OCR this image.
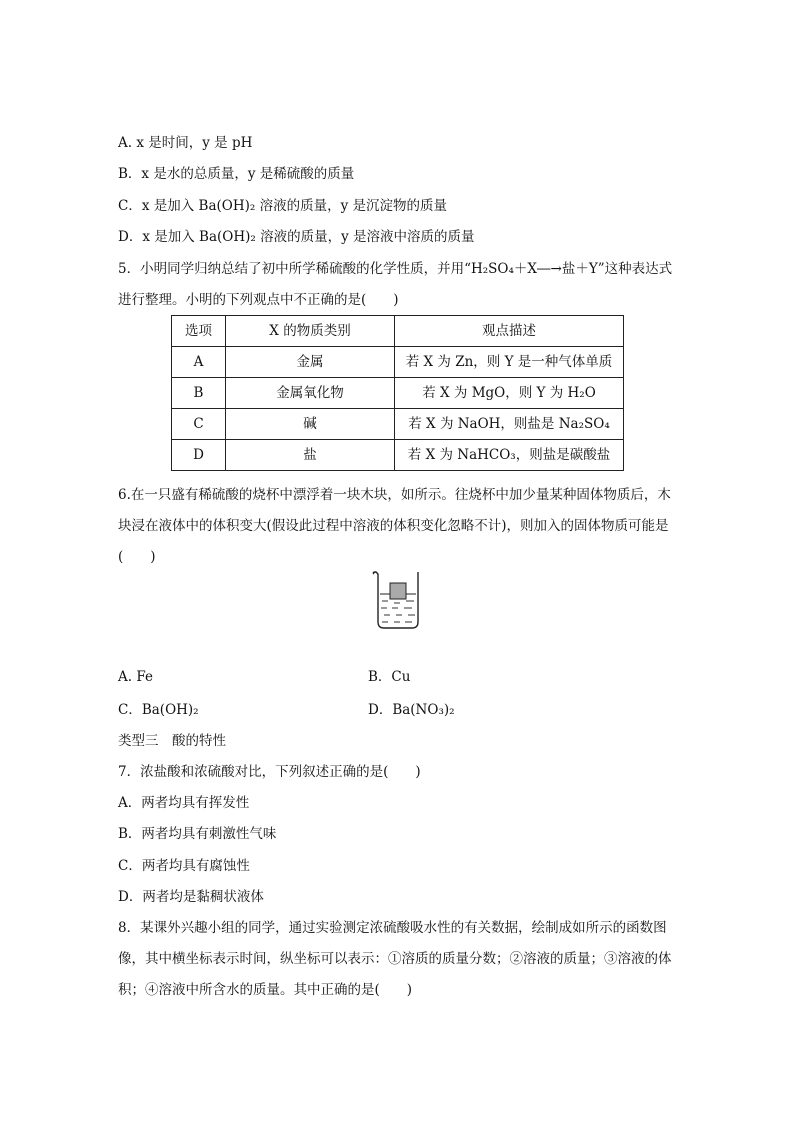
A. x 是时间，y 是 pH
B．x 是水的总质量，y 是稀硫酸的质量
C．x 是加入 Ba(OH)₂ 溶液的质量，y 是沉淀物的质量
D．x 是加入 Ba(OH)₂ 溶液的质量，y 是溶液中溶质的质量
5．小明同学归纳总结了初中所学稀硫酸的化学性质，并用“H₂SO₄＋X―→盐＋Y”这种表达式
进行整理。小明的下列观点中不正确的是(　　)
选项	X 的物质类别	观点描述
A	金属	若 X 为 Zn，则 Y 是一种气体单质
B	金属氧化物	若 X 为 MgO，则 Y 为 H₂O
C	碱	若 X 为 NaOH，则盐是 Na₂SO₄
D	盐	若 X 为 NaHCO₃，则盐是碳酸盐
6.在一只盛有稀硫酸的烧杯中漂浮着一块木块，如所示。往烧杯中加少量某种固体物质后，木块浸在液体中的体积变大(假设此过程中溶液的体积变化忽略不计)，则加入的固体物质可能是(　　)
A. Fe	B．Cu
C．Ba(OH)₂	D．Ba(NO₃)₂
类型三　酸的特性
7．浓盐酸和浓硫酸对比，下列叙述正确的是(　　)
A．两者均具有挥发性
B．两者均具有刺激性气味
C．两者均具有腐蚀性
D．两者均是黏稠状液体
8．某课外兴趣小组的同学，通过实验测定浓硫酸吸水性的有关数据，绘制成如所示的函数图像，其中横坐标表示时间，纵坐标可以表示：①溶质的质量分数；②溶液的质量；③溶液的体积；④溶液中所含水的质量。其中正确的是(　　)
